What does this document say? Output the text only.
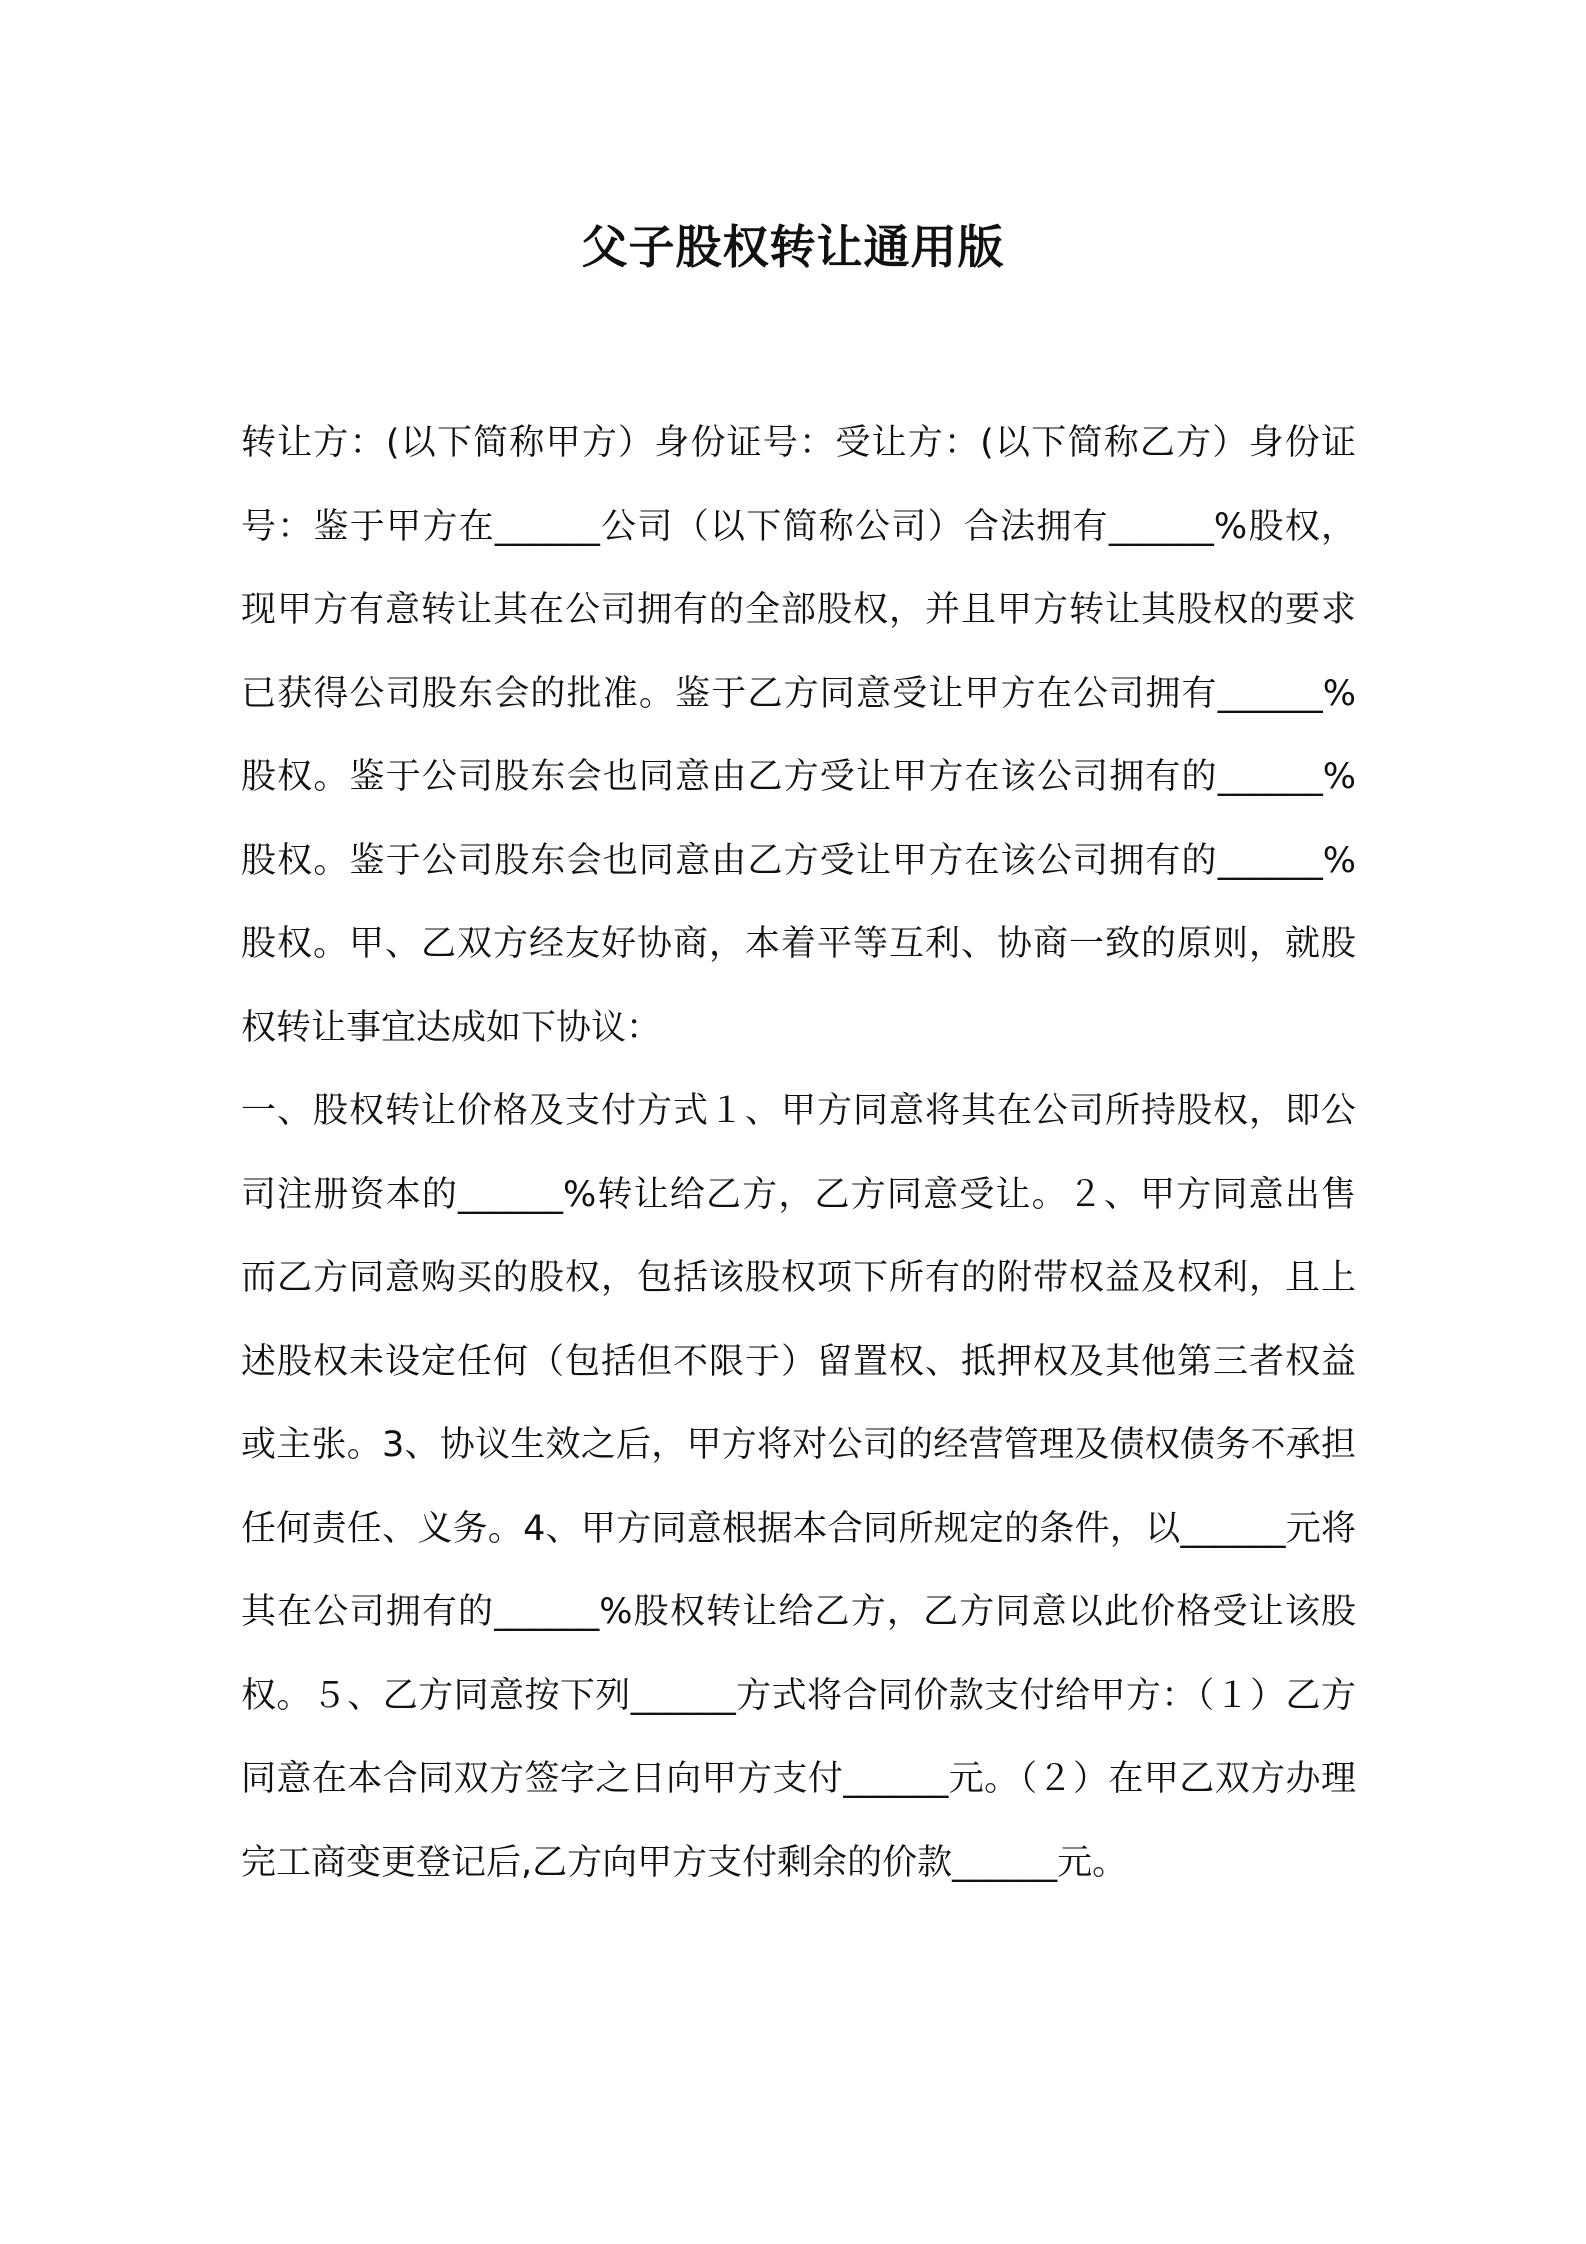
父子股权转让通用版

转让方：(以下简称甲方）身份证号：受让方：(以下简称乙方）身份证号：鉴于甲方在______公司（以下简称公司）合法拥有______%股权，现甲方有意转让其在公司拥有的全部股权，并且甲方转让其股权的要求已获得公司股东会的批准。鉴于乙方同意受让甲方在公司拥有______%股权。鉴于公司股东会也同意由乙方受让甲方在该公司拥有的______%股权。鉴于公司股东会也同意由乙方受让甲方在该公司拥有的______%股权。甲、乙双方经友好协商，本着平等互利、协商一致的原则，就股权转让事宜达成如下协议：

一、股权转让价格及支付方式１、甲方同意将其在公司所持股权，即公司注册资本的______%转让给乙方，乙方同意受让。２、甲方同意出售而乙方同意购买的股权，包括该股权项下所有的附带权益及权利，且上述股权未设定任何（包括但不限于）留置权、抵押权及其他第三者权益或主张。3、协议生效之后，甲方将对公司的经营管理及债权债务不承担任何责任、义务。4、甲方同意根据本合同所规定的条件，以______元将其在公司拥有的______%股权转让给乙方，乙方同意以此价格受让该股权。５、乙方同意按下列______方式将合同价款支付给甲方：（１）乙方同意在本合同双方签字之日向甲方支付______元。（２）在甲乙双方办理完工商变更登记后,乙方向甲方支付剩余的价款______元。
